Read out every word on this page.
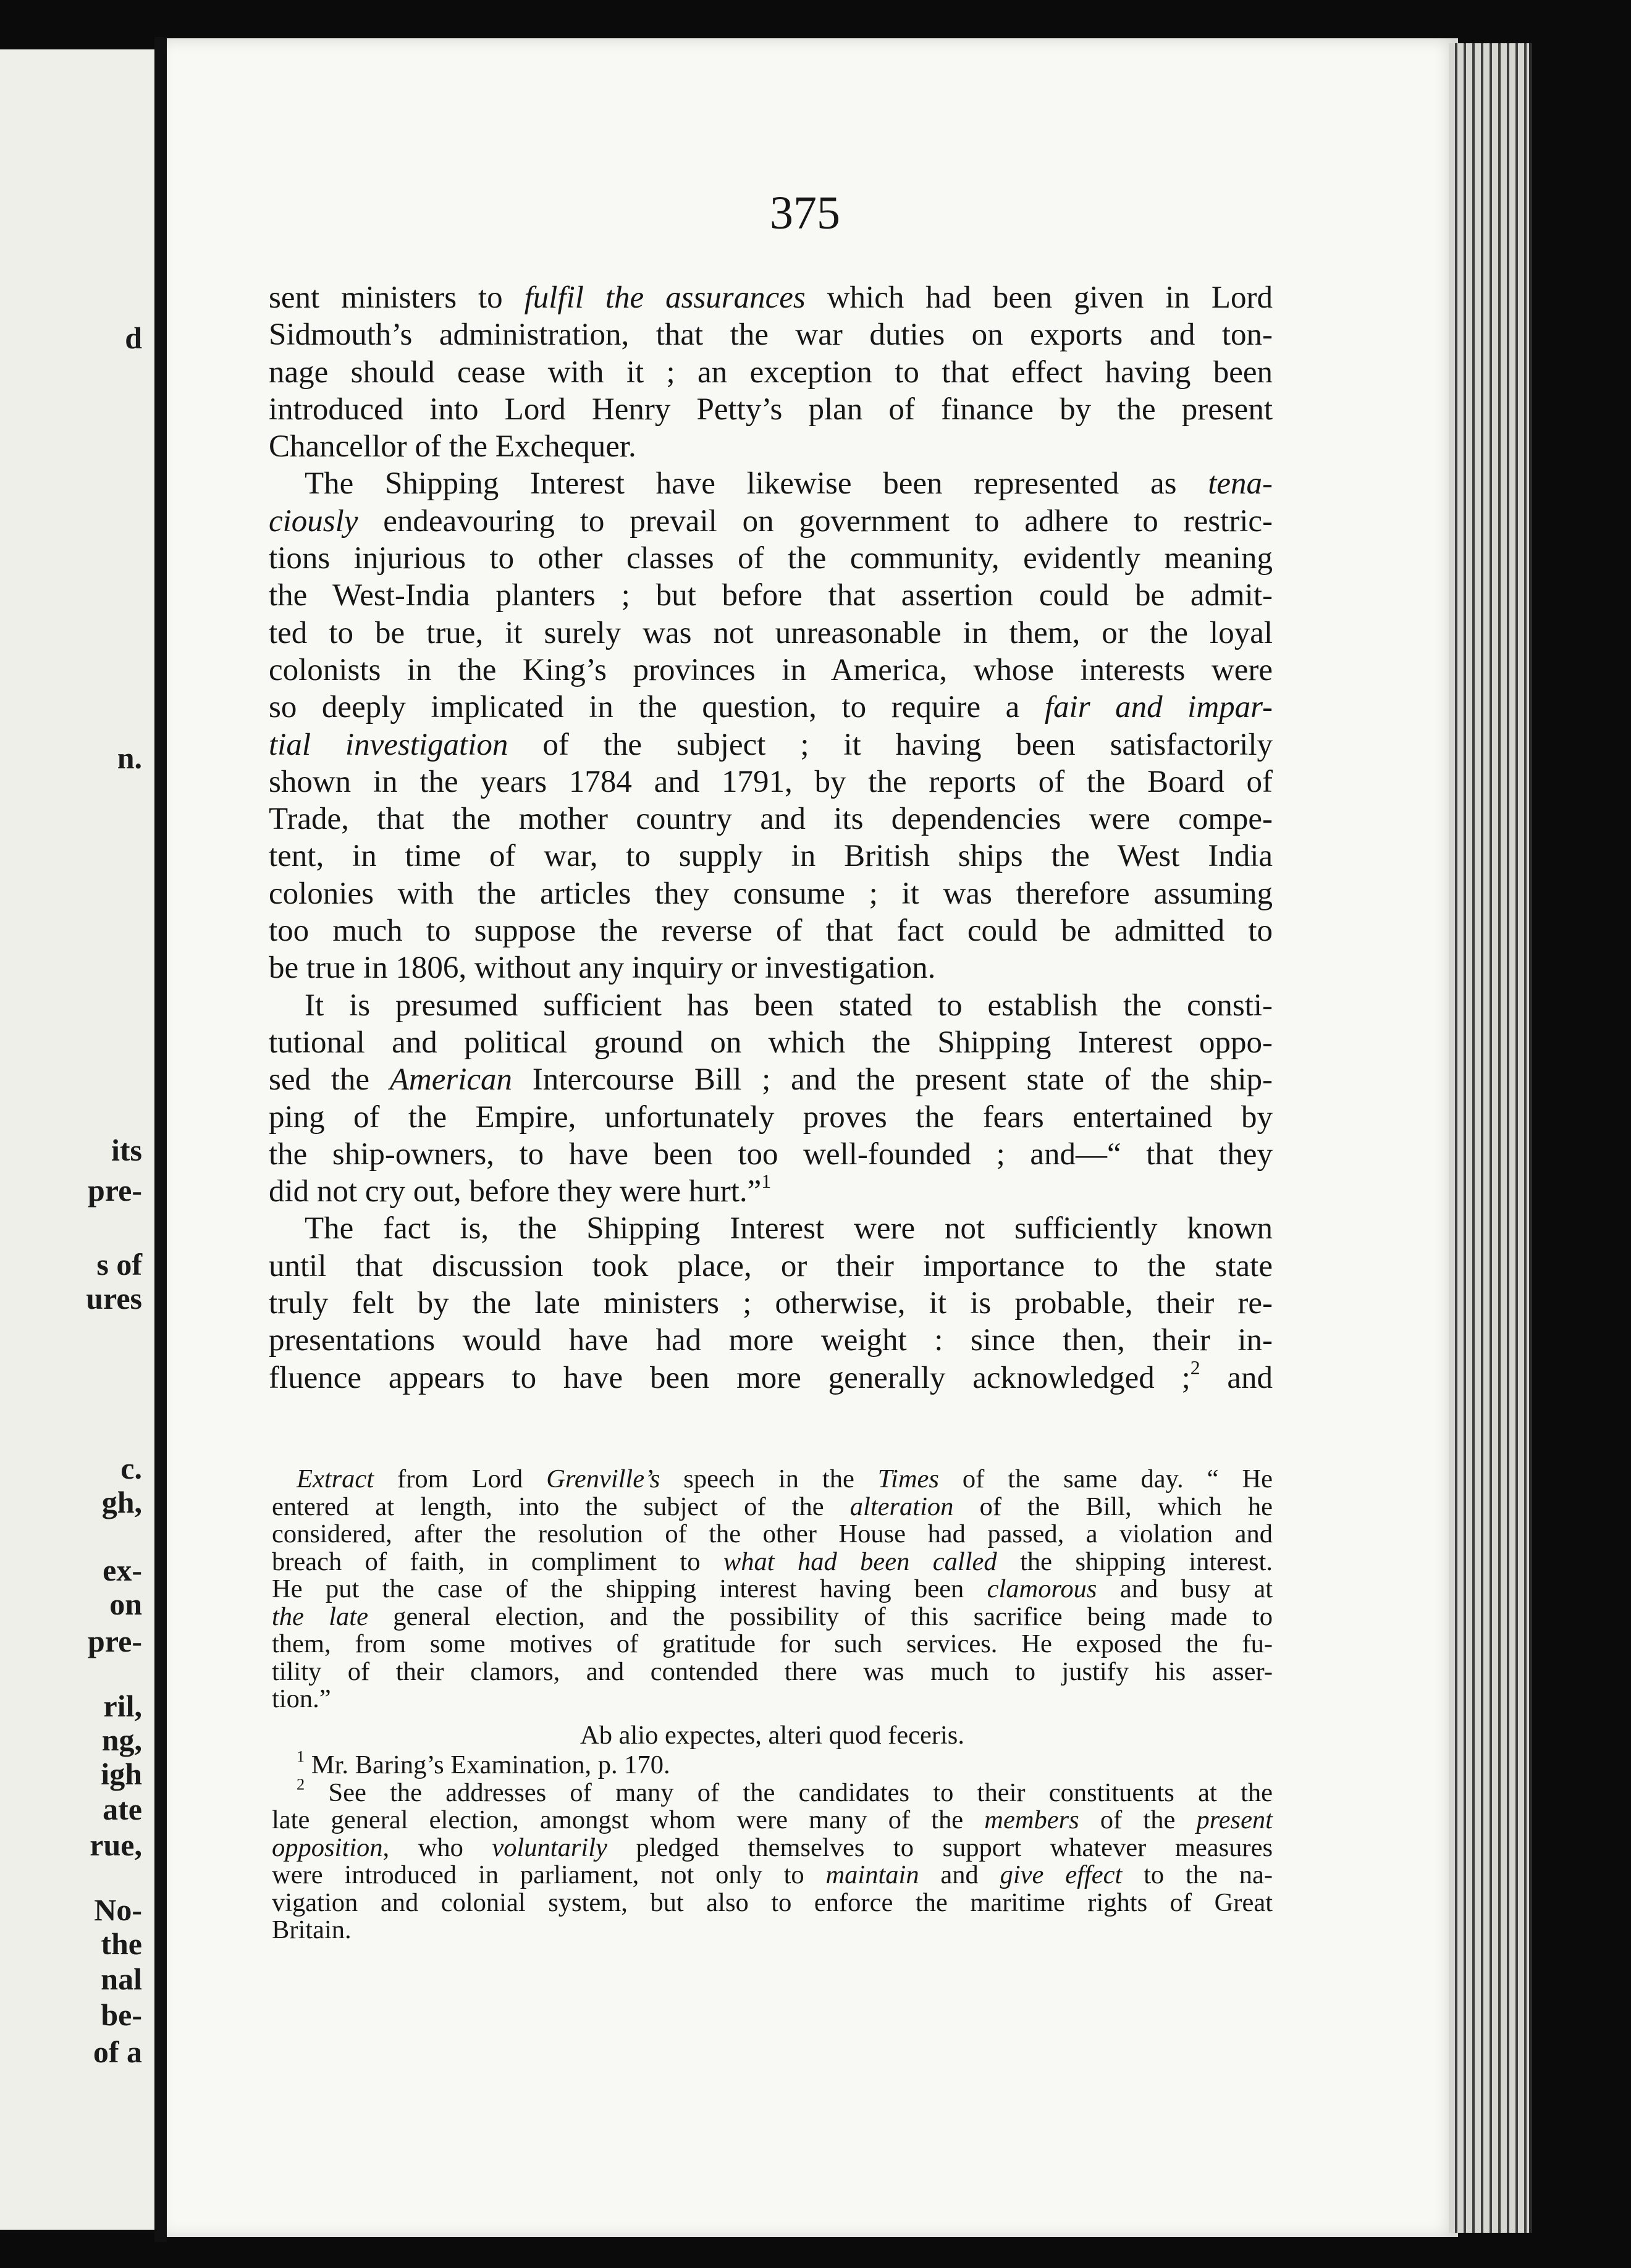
d
n.
its
pre-
s of
ures
c.
gh,
ex-
on
pre-
ril,
ng,
igh
ate
rue,
No-
the
nal
be-
of a
375
sent ministers to fulfil the assurances which had been given in Lord
Sidmouth’s administration, that the war duties on exports and ton-
nage should cease with it ; an exception to that effect having been
introduced into Lord Henry Petty’s plan of finance by the present
Chancellor of the Exchequer.
The Shipping Interest have likewise been represented as tena-
ciously endeavouring to prevail on government to adhere to restric-
tions injurious to other classes of the community, evidently meaning
the West-India planters ; but before that assertion could be admit-
ted to be true, it surely was not unreasonable in them, or the loyal
colonists in the King’s provinces in America, whose interests were
so deeply implicated in the question, to require a fair and impar-
tial investigation of the subject ; it having been satisfactorily
shown in the years 1784 and 1791, by the reports of the Board of
Trade, that the mother country and its dependencies were compe-
tent, in time of war, to supply in British ships the West India
colonies with the articles they consume ; it was therefore assuming
too much to suppose the reverse of that fact could be admitted to
be true in 1806, without any inquiry or investigation.
It is presumed sufficient has been stated to establish the consti-
tutional and political ground on which the Shipping Interest oppo-
sed the American Intercourse Bill ; and the present state of the ship-
ping of the Empire, unfortunately proves the fears entertained by
the ship-owners, to have been too well-founded ; and—“ that they
did not cry out, before they were hurt.”$^1$
The fact is, the Shipping Interest were not sufficiently known
until that discussion took place, or their importance to the state
truly felt by the late ministers ; otherwise, it is probable, their re-
presentations would have had more weight : since then, their in-
fluence appears to have been more generally acknowledged ;$^2$ and
Extract from Lord Grenville’s speech in the Times of the same day. “ He
entered at length, into the subject of the alteration of the Bill, which he
considered, after the resolution of the other House had passed, a violation and
breach of faith, in compliment to what had been called the shipping interest.
He put the case of the shipping interest having been clamorous and busy at
the late general election, and the possibility of this sacrifice being made to
them, from some motives of gratitude for such services. He exposed the fu-
tility of their clamors, and contended there was much to justify his asser-
tion.”
Ab alio expectes, alteri quod feceris.
$^1$ Mr. Baring’s Examination, p. 170.
$^2$ See the addresses of many of the candidates to their constituents at the
late general election, amongst whom were many of the members of the present
opposition, who voluntarily pledged themselves to support whatever measures
were introduced in parliament, not only to maintain and give effect to the na-
vigation and colonial system, but also to enforce the maritime rights of Great
Britain.
